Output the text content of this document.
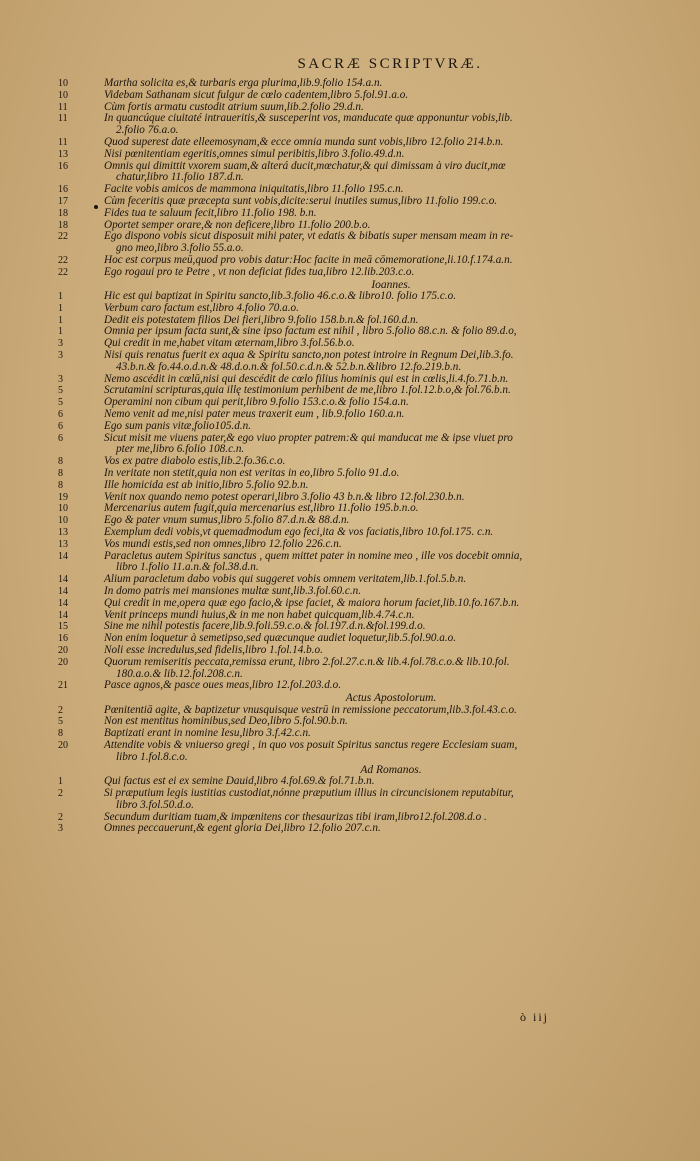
SACRÆ SCRIPTVRÆ.
10	Martha solicita es,& turbaris erga plurima,lib.9.folio 154.a.n.
10	Videbam Sathanam sicut fulgur de cœlo cadentem,libro 5.fol.91.a.o.
11	Cùm fortis armatu custodit atrium suum,lib.2.folio 29.d.n.
11	In quancúque ciuitaté intraueritis,& susceperint vos, manducate quæ apponuntur vobis,lib.
2.folio 76.a.o.
11	Quod superest date elleemosynam,& ecce omnia munda sunt vobis,libro 12.folio 214.b.n.
13	Nisi pœnitentiam egeritis,omnes simul peribitis,libro 3.folio.49.d.n.
16	Omnis qui dimittit vxorem suam,& alterá ducit,mœchatur,& qui dimissam à viro ducit,mœ
chatur,libro 11.folio 187.d.n.
16	Facite vobis amicos de mammona iniquitatis,libro 11.folio 195.c.n.
17	Cùm feceritis quæ præcepta sunt vobis,dicite:serui inutiles sumus,libro 11.folio 199.c.o.
18	Fides tua te saluum fecit,libro 11.folio 198. b.n.
18	Oportet semper orare,& non deficere,libro 11.folio 200.b.o.
22	Ego dispono vobis sicut disposuit mihi pater, vt edatis & bibatis super mensam meam in re-
gno meo,libro 3.folio 55.a.o.
22	Hoc est corpus meū,quod pro vobis datur:Hoc facite in meā cōmemoratione,li.10.f.174.a.n.
22	Ego rogaui pro te Petre , vt non deficiat fides tua,libro 12.lib.203.c.o.
Ioannes.
1	Hic est qui baptizat in Spiritu sancto,lib.3.folio 46.c.o.& libro10. folio 175.c.o.
1	Verbum caro factum est,libro 4.folio 70.a.o.
1	Dedit eis potestatem filios Dei fieri,libro 9.folio 158.b.n.& fol.160.d.n.
1	Omnia per ipsum facta sunt,& sine ipso factum est nihil , libro 5.folio 88.c.n. & folio 89.d.o,
3	Qui credit in me,habet vitam æternam,libro 3.fol.56.b.o.
3	Nisi quis renatus fuerit ex aqua & Spiritu sancto,non potest introire in Regnum Dei,lib.3.fo.
43.b.n.& fo.44.o.d.n.& 48.d.o.n.& fol.50.c.d.n.& 52.b.n.&libro 12.fo.219.b.n.
3	Nemo ascédit in cœlū,nisi qui descédit de cœlo filius hominis qui est in cœlis,li.4.fo.71.b.n.
5	Scrutamini scripturas,quia illę testimonium perhibent de me,libro 1.fol.12.b.o,& fol.76.b.n.
5	Operamini non cibum qui perit,libro 9.folio 153.c.o.& folio 154.a.n.
6	Nemo venit ad me,nisi pater meus traxerit eum , lib.9.folio 160.a.n.
6	Ego sum panis vitæ,folio105.d.n.
6	Sicut misit me viuens pater,& ego viuo propter patrem:& qui manducat me & ipse viuet pro
pter me,libro 6.folio 108.c.n.
8	Vos ex patre diabolo estis,lib.2.fo.36.c.o.
8	In veritate non stetit,quia non est veritas in eo,libro 5.folio 91.d.o.
8	Ille homicida est ab initio,libro 5.folio 92.b.n.
19	Venit nox quando nemo potest operari,libro 3.folio 43 b.n.& libro 12.fol.230.b.n.
10	Mercenarius autem fugit,quia mercenarius est,libro 11.folio 195.b.n.o.
10	Ego & pater vnum sumus,libro 5.folio 87.d.n.& 88.d.n.
13	Exemplum dedi vobis,vt quemadmodum ego feci,ita & vos faciatis,libro 10.fol.175. c.n.
13	Vos mundi estis,sed non omnes,libro 12.folio 226.c.n.
14	Paracletus autem Spiritus sanctus , quem mittet pater in nomine meo , ille vos docebit omnia,
libro 1.folio 11.a.n.& fol.38.d.n.
14	Alium paracletum dabo vobis qui suggeret vobis omnem veritatem,lib.1.fol.5.b.n.
14	In domo patris mei mansiones multæ sunt,lib.3.fol.60.c.n.
14	Qui credit in me,opera quæ ego facio,& ipse faciet, & maiora horum faciet,lib.10.fo.167.b.n.
14	Venit princeps mundi huius,& in me non habet quicquam,lib.4.74.c.n.
15	Sine me nihil potestis facere,lib.9.foli.59.c.o.& fol.197.d.n.&fol.199.d.o.
16	Non enim loquetur à semetipso,sed quæcunque audiet loquetur,lib.5.fol.90.a.o.
20	Noli esse incredulus,sed fidelis,libro 1.fol.14.b.o.
20	Quorum remiseritis peccata,remissa erunt, libro 2.fol.27.c.n.& lib.4.fol.78.c.o.& lib.10.fol.
180.a.o.& lib.12.fol.208.c.n.
21	Pasce agnos,& pasce oues meas,libro 12.fol.203.d.o.
Actus Apostolorum.
2	Pœnitentiā agite, & baptizetur vnusquisque vestrū in remissione peccatorum,lib.3.fol.43.c.o.
5	Non est mentitus hominibus,sed Deo,libro 5.fol.90.b.n.
8	Baptizati erant in nomine Iesu,libro 3.f.42.c.n.
20	Attendite vobis & vniuerso gregi , in quo vos posuit Spiritus sanctus regere Ecclesiam suam,
libro 1.fol.8.c.o.
Ad Romanos.
1	Qui factus est ei ex semine Dauid,libro 4.fol.69.& fol.71.b.n.
2	Si præputium legis iustitias custodiat,nónne præputium illius in circuncisionem reputabitur,
libro 3.fol.50.d.o.
2	Secundum duritiam tuam,& impœnitens cor thesaurizas tibi iram,libro12.fol.208.d.o .
3	Omnes peccauerunt,& egent gloria Dei,libro 12.folio 207.c.n.
ò iij
